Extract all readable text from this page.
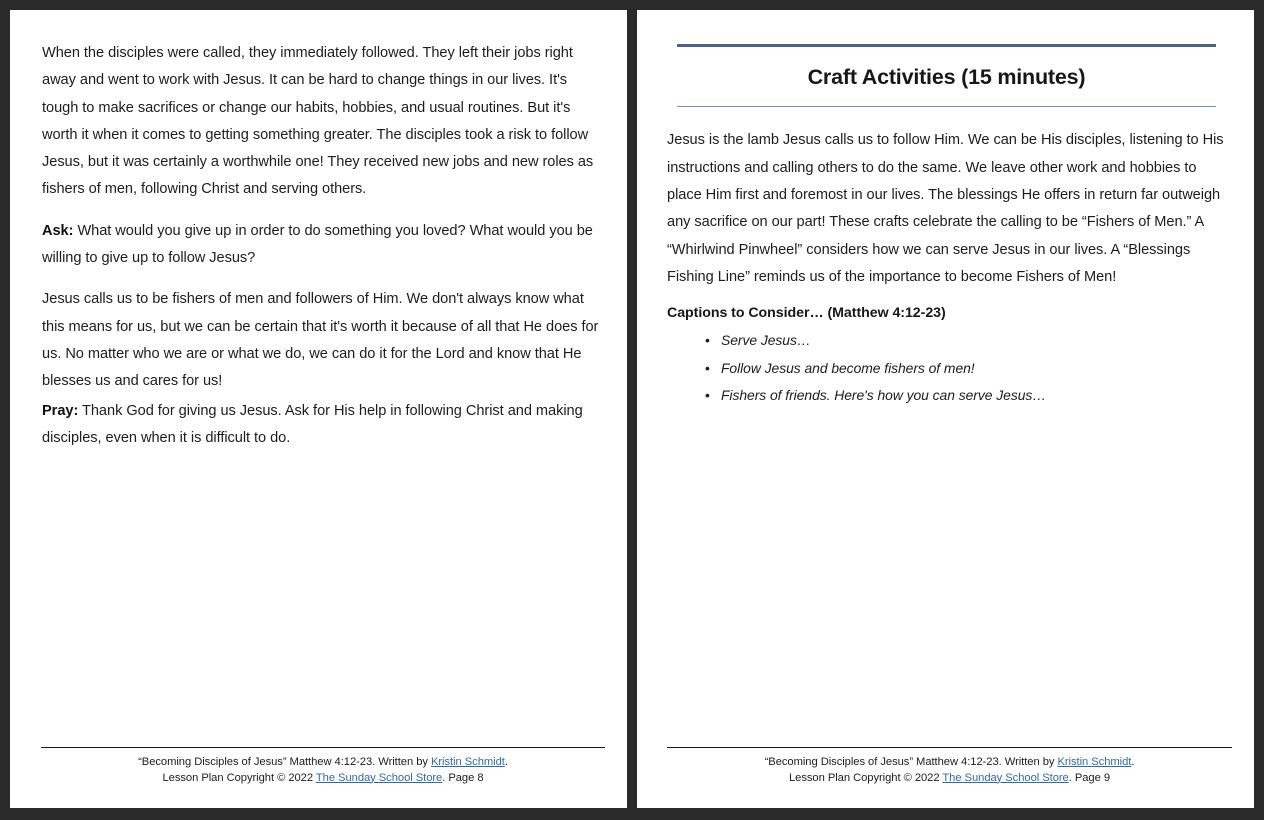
When the disciples were called, they immediately followed. They left their jobs right away and went to work with Jesus. It can be hard to change things in our lives. It's tough to make sacrifices or change our habits, hobbies, and usual routines. But it's worth it when it comes to getting something greater. The disciples took a risk to follow Jesus, but it was certainly a worthwhile one! They received new jobs and new roles as fishers of men, following Christ and serving others.

Ask: What would you give up in order to do something you loved? What would you be willing to give up to follow Jesus?

Jesus calls us to be fishers of men and followers of Him. We don't always know what this means for us, but we can be certain that it's worth it because of all that He does for us. No matter who we are or what we do, we can do it for the Lord and know that He blesses us and cares for us!

Pray: Thank God for giving us Jesus. Ask for His help in following Christ and making disciples, even when it is difficult to do.

“Becoming Disciples of Jesus” Matthew 4:12-23. Written by Kristin Schmidt.
Lesson Plan Copyright © 2022 The Sunday School Store. Page 8
Craft Activities (15 minutes)

Jesus is the lamb Jesus calls us to follow Him. We can be His disciples, listening to His instructions and calling others to do the same. We leave other work and hobbies to place Him first and foremost in our lives. The blessings He offers in return far outweigh any sacrifice on our part! These crafts celebrate the calling to be “Fishers of Men.” A “Whirlwind Pinwheel” considers how we can serve Jesus in our lives. A “Blessings Fishing Line” reminds us of the importance to become Fishers of Men!

Captions to Consider… (Matthew 4:12-23)
• Serve Jesus…
• Follow Jesus and become fishers of men!
• Fishers of friends. Here's how you can serve Jesus…
“Becoming Disciples of Jesus” Matthew 4:12-23. Written by Kristin Schmidt.
Lesson Plan Copyright © 2022 The Sunday School Store. Page 9
